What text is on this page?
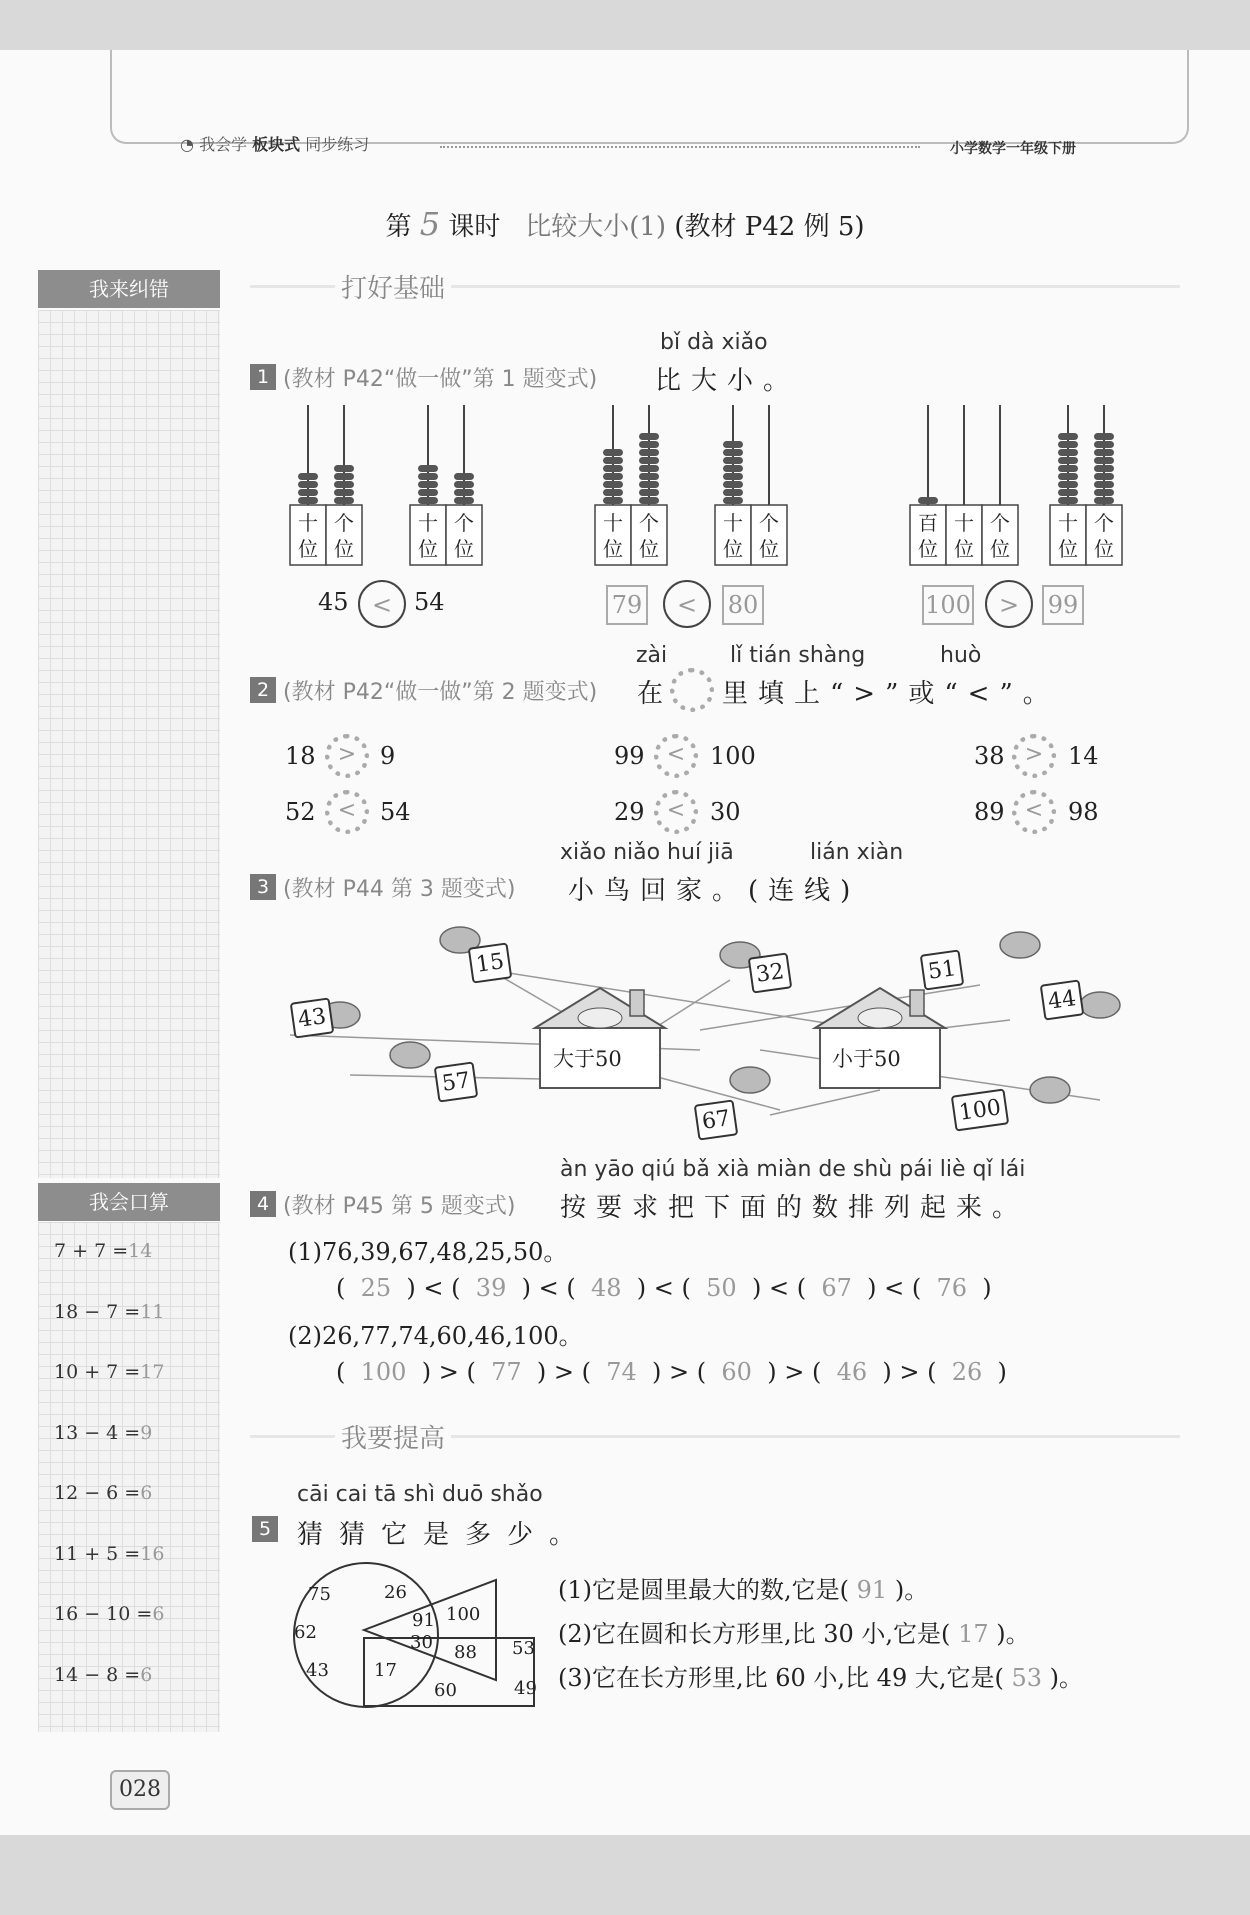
◔ 我会学 板块式 同步练习	小学数学一年级下册
第 5 课时 比较大小(1) (教材 P42 例 5)
我来纠错
我会口算
7 + 7 =14
18 − 7 =11
10 + 7 =17
13 − 4 =9
12 − 6 =6
11 + 5 =16
16 − 10 =6
14 − 8 =6
打好基础
bǐ dà xiǎo
1 (教材 P42“做一做”第 1 题变式) 比大小。
十
位
个
位
十
位
个
位
十
位
个
位
十
位
个
位
百
位
十
位
个
位
十
位
个
位
45 < 54	79	<	80	100	>	99
zài	lǐ tián shàng	huò
2 (教材 P42“做一做”第 2 题变式) 在 里填上“>”或“<”。
18	> 9	99	<	100	38 >	14
52	< 54	29	<	30	89 <	98
xiǎo niǎo huí jiā	lián xiàn
3 (教材 P44 第 3 题变式) 小鸟回家。(连线)
大于50	小于50
15	32	51
43
44
57
67	100
àn yāo qiú bǎ xià miàn de shù pái liè qǐ lái
4 (教材 P45 第 5 题变式) 按要求把下面的数排列起来。
(1)76,39,67,48,25,50。
(  25  ) < (  39  ) < (  48  ) < (  50  ) < (  67  ) < (  76  )
(2)26,77,74,60,46,100。
(  100  ) > (  77  ) > (  74  ) > (  60  ) > (  46  ) > (  26  )
我要提高
cāi cai tā shì duō shǎo
5 猜猜它是多少。
75	26
62
43
91 100
30 88
17
53
49
60
(1)它是圆里最大的数,它是( 91 )。
(2)它在圆和长方形里,比 30 小,它是( 17 )。
(3)它在长方形里,比 60 小,比 49 大,它是( 53 )。
028
